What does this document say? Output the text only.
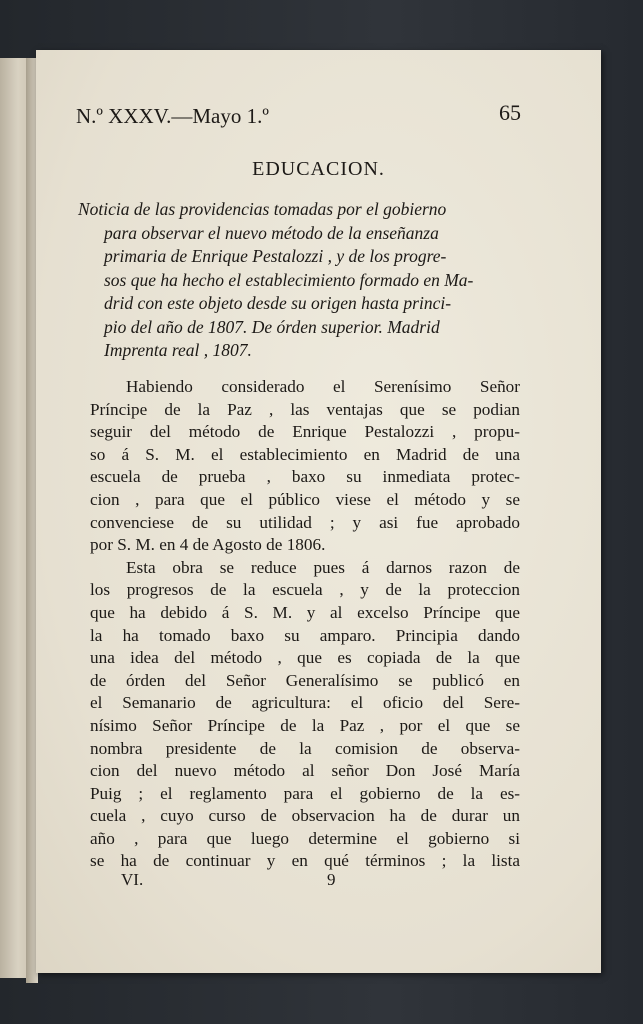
N.º XXXV.—Mayo 1.º	65
EDUCACION.
Noticia de las providencias tomadas por el gobierno
para observar el nuevo método de la enseñanza
primaria de Enrique Pestalozzi , y de los progre-
sos que ha hecho el establecimiento formado en Ma-
drid con este objeto desde su origen hasta princi-
pio del año de 1807. De órden superior. Madrid
Imprenta real , 1807.
Habiendo considerado el Serenísimo Señor
Príncipe de la Paz , las ventajas que se podian
seguir del método de Enrique Pestalozzi , propu-
so á S. M. el establecimiento en Madrid de una
escuela de prueba , baxo su inmediata protec-
cion , para que el público viese el método y se
convenciese de su utilidad ; y asi fue aprobado
por S. M. en 4 de Agosto de 1806.
Esta obra se reduce pues á darnos razon de
los progresos de la escuela , y de la proteccion
que ha debido á S. M. y al excelso Príncipe que
la ha tomado baxo su amparo. Principia dando
una idea del método , que es copiada de la que
de órden del Señor Generalísimo se publicó en
el Semanario de agricultura: el oficio del Sere-
nísimo Señor Príncipe de la Paz , por el que se
nombra presidente de la comision de observa-
cion del nuevo método al señor Don José María
Puig ; el reglamento para el gobierno de la es-
cuela , cuyo curso de observacion ha de durar un
año , para que luego determine el gobierno si
se ha de continuar y en qué términos ; la lista
VI.	9
